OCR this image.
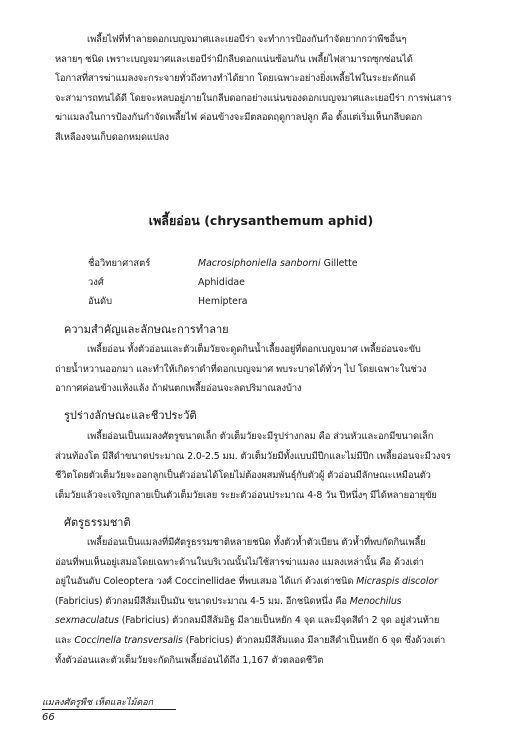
เพลี้ยไฟที่ทำลายดอกเบญจมาศและเยอบีร่า จะทำการป้องกันกำจัดยากกว่าพืชอื่นๆ
หลายๆ ชนิด เพราะเบญจมาศและเยอบีร่ามีกลีบดอกแน่นซ้อนกัน เพลี้ยไฟสามารถซุกซ่อนได้
โอกาสที่สารฆ่าแมลงจะกระจายทั่วถึงทางทำได้ยาก โดยเฉพาะอย่างยิ่งเพลี้ยไฟในระยะดักแด้
จะสามารถทนได้ดี โดยจะหลบอยู่ภายในกลีบดอกอย่างแน่นของดอกเบญจมาศและเยอบีร่า การพ่นสาร
ฆ่าแมลงในการป้องกันกำจัดเพลี้ยไฟ ค่อนข้างจะมีตลอดฤดูกาลปลูก คือ ตั้งแต่เริ่มเห็นกลีบดอก
สีเหลืองจนเก็บดอกหมดแปลง
เพลี้ยอ่อน (chrysanthemum aphid)
ชื่อวิทยาศาสตร์	Macrosiphoniella sanborni Gillette
วงศ์	Aphididae
อันดับ	Hemiptera
ความสำคัญและลักษณะการทำลาย
เพลี้ยอ่อน ทั้งตัวอ่อนและตัวเต็มวัยจะดูดกินน้ำเลี้ยงอยู่ที่ดอกเบญจมาศ เพลี้ยอ่อนจะขับ
ถ่ายน้ำหวานออกมา และทำให้เกิดราดำที่ดอกเบญจมาศ พบระบาดได้ทั่วๆ ไป โดยเฉพาะในช่วง
อากาศค่อนข้างแห้งแล้ง ถ้าฝนตกเพลี้ยอ่อนจะลดปริมาณลงบ้าง
รูปร่างลักษณะและชีวประวัติ
เพลี้ยอ่อนเป็นแมลงศัตรูขนาดเล็ก ตัวเต็มวัยจะมีรูปร่างกลม คือ ส่วนหัวและอกมีขนาดเล็ก
ส่วนท้องโต มีสีดำขนาดประมาณ 2.0-2.5 มม. ตัวเต็มวัยมีทั้งแบบมีปีกและไม่มีปีก เพลี้ยอ่อนจะมีวงจร
ชีวิตโดยตัวเต็มวัยจะออกลูกเป็นตัวอ่อนได้โดยไม่ต้องผสมพันธุ์กับตัวผู้ ตัวอ่อนมีลักษณะเหมือนตัว
เต็มวัยแล้วจะเจริญกลายเป็นตัวเต็มวัยเลย ระยะตัวอ่อนประมาณ 4-8 วัน ปีหนึ่งๆ มีได้หลายอายุขัย
ศัตรูธรรมชาติ
เพลี้ยอ่อนเป็นแมลงที่มีศัตรูธรรมชาติหลายชนิด ทั้งตัวห้ำตัวเบียน ตัวห้ำที่พบกัดกินเพลี้ย
อ่อนที่พบเห็นอยู่เสมอโดยเฉพาะด้านในบริเวณนั้นไม่ใช้สารฆ่าแมลง แมลงเหล่านั้น คือ ด้วงเต่า
อยู่ในอันดับ Coleoptera วงศ์ Coccinellidae ที่พบเสมอ ได้แก่ ด้วงเต่าชนิด Micraspis discolor
(Fabricius) ตัวกลมมีสีส้มเป็นมัน ขนาดประมาณ 4-5 มม. อีกชนิดหนึ่ง คือ Menochilus
sexmaculatus (Fabricius) ตัวกลมมีสีส้มอิฐ มีลายเป็นหยัก 4 จุด และมีจุดสีดำ 2 จุด อยู่ส่วนท้าย
และ Coccinella transversalis (Fabricius) ตัวกลมมีสีส้มแดง มีลายสีดำเป็นหยัก 6 จุด ซึ่งด้วงเต่า
ทั้งตัวอ่อนและตัวเต็มวัยจะกัดกินเพลี้ยอ่อนได้ถึง 1,167 ตัวตลอดชีวิต
แมลงศัตรูพืช เห็ดและไม้ดอก
66
